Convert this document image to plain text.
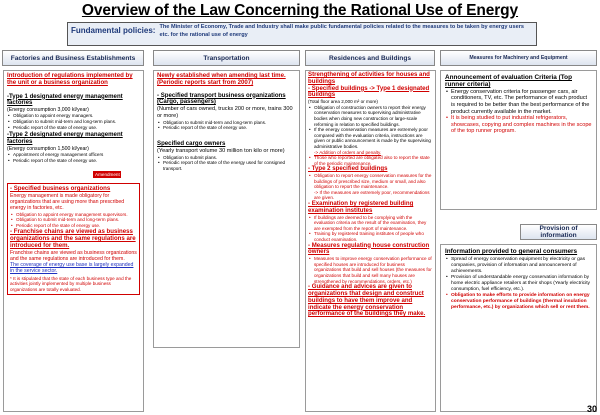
Overview of the Law Concerning the Rational Use of Energy
Fundamental policies: The Minister of Economy, Trade and Industry shall make public fundamental policies related to the measures to be taken by energy users etc. for the rational use of energy
Factories and Business Establishments	Transportation	Residences and Buildings	Measures for Machinery and Equipment
Introduction of regulations implemented by the unit or a business organization
-Type 1 designated energy management factories
(Energy consumption 3,000 kl/year)
• Obligation to appoint energy managers.
• Obligation to submit mid-term and long-term plans.
• Periodic report of the state of energy use.
-Type 2 designated energy management factories
(Energy consumption 1,500 kl/year)
• Appointment of energy management officers
• Periodic report of the state of energy use.
Amendment
- Specified business organizations
Energy management is made obligatory for organizations that are using more than prescribed energy in factories, etc.
• Obligation to appoint energy management supervisors.
• Obligation to submit mid-term and long-term plans.
• Periodic report of the state of energy use.
- Franchise chains are viewed as business organizations and the same regulations are introduced for them.
Franchise chains are viewed as business organizations and the same regulations are introduced for them.
The coverage of energy use base is largely expanded in the service sector.
* It is stipulated that the state of each business type and the activities jointly implemented by multiple business organizations are totally evaluated.
Newly established when amending last time. (Periodic reports start from 2007)
- Specified transport business organizations (Cargo, passengers)
(Number of cars owned, trucks 200 or more, trains 300 or more)
• Obligation to submit mid-term and long-term plans.
• Periodic report of the state of energy use.
Specified cargo owners
(Yearly transport volume 30 million ton kilo or more)
• Obligation to submit plans.
• Periodic report of the state of the energy used for consigned transport.
Strengthening of activities for houses and buildings
- Specified buildings -> Type 1 designated buildings
(Total floor area 2,000 m² or more)
• Obligation of construction owners to report their energy conservation measures to supervising administrative bodies when doing new construction or large-scale reforming in relation to specified buildings.
• If the energy conservation measures are extremely poor compared with the evaluation criteria, instructions are given or public announcement is made by the supervising administrative bodies.
-> Addition of orders and penalty.
• Those who reported are obligated also to report the state of the periodic maintenance.
- Type 2 specified buildings
• Obligation to report energy conservation measures for the buildings of prescribed size, medium or small, and also obligation to report the maintenance.
-> If the measures are extremely poor, recommendations are given.
- Examination by registered building examination institutes
• If buildings are deemed to be complying with the evaluation criteria as the result of the examination, they are exempted from the report of maintenance.
• Training by registered training institutes of people who conduct examination.
- Measures regulating house construction owners
• Measures to improve energy conservation performance of specified houses are introduced for business organizations that build and sell houses (the measures for organizations that build and sell many houses are strengthened by recommendations, orders, etc.)
- Guidance and advices are given to organizations that design and construct buildings to have them improve and indicate the energy conservation performance of the buildings they make.
Announcement of evaluation Criteria (Top runner criteria)
• Energy conservation criteria for passenger cars, air conditioners, TV, etc. The performance of each product is required to be better than the best performance of the product currently available in the market.
• It is being studied to put industrial refrigerators, showcases, copying and complex machines in the scope of the top runner program.
Provision of information
Information provided to general consumers
• Spread of energy conservation equipment by electricity or gas companies, provision of information and announcement of achievements.
• Provision of understandable energy conservation information by home electric appliance retailers at their shops (Yearly electricity consumption, fuel efficiency, etc.).
• Obligation to make efforts to provide information on energy conservation performance of buildings (thermal insulation performance, etc.) by organizations which sell or rent them.
30
